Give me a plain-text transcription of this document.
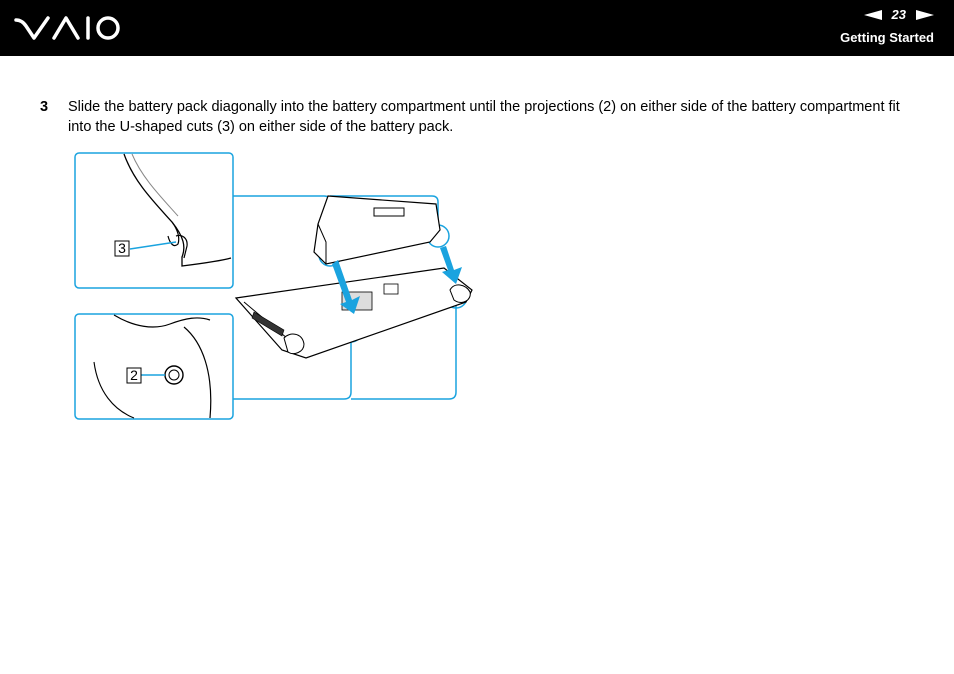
23
Getting Started
3 Slide the battery pack diagonally into the battery compartment until the projections (2) on either side of the battery compartment fit into the U-shaped cuts (3) on either side of the battery pack.
3
2
